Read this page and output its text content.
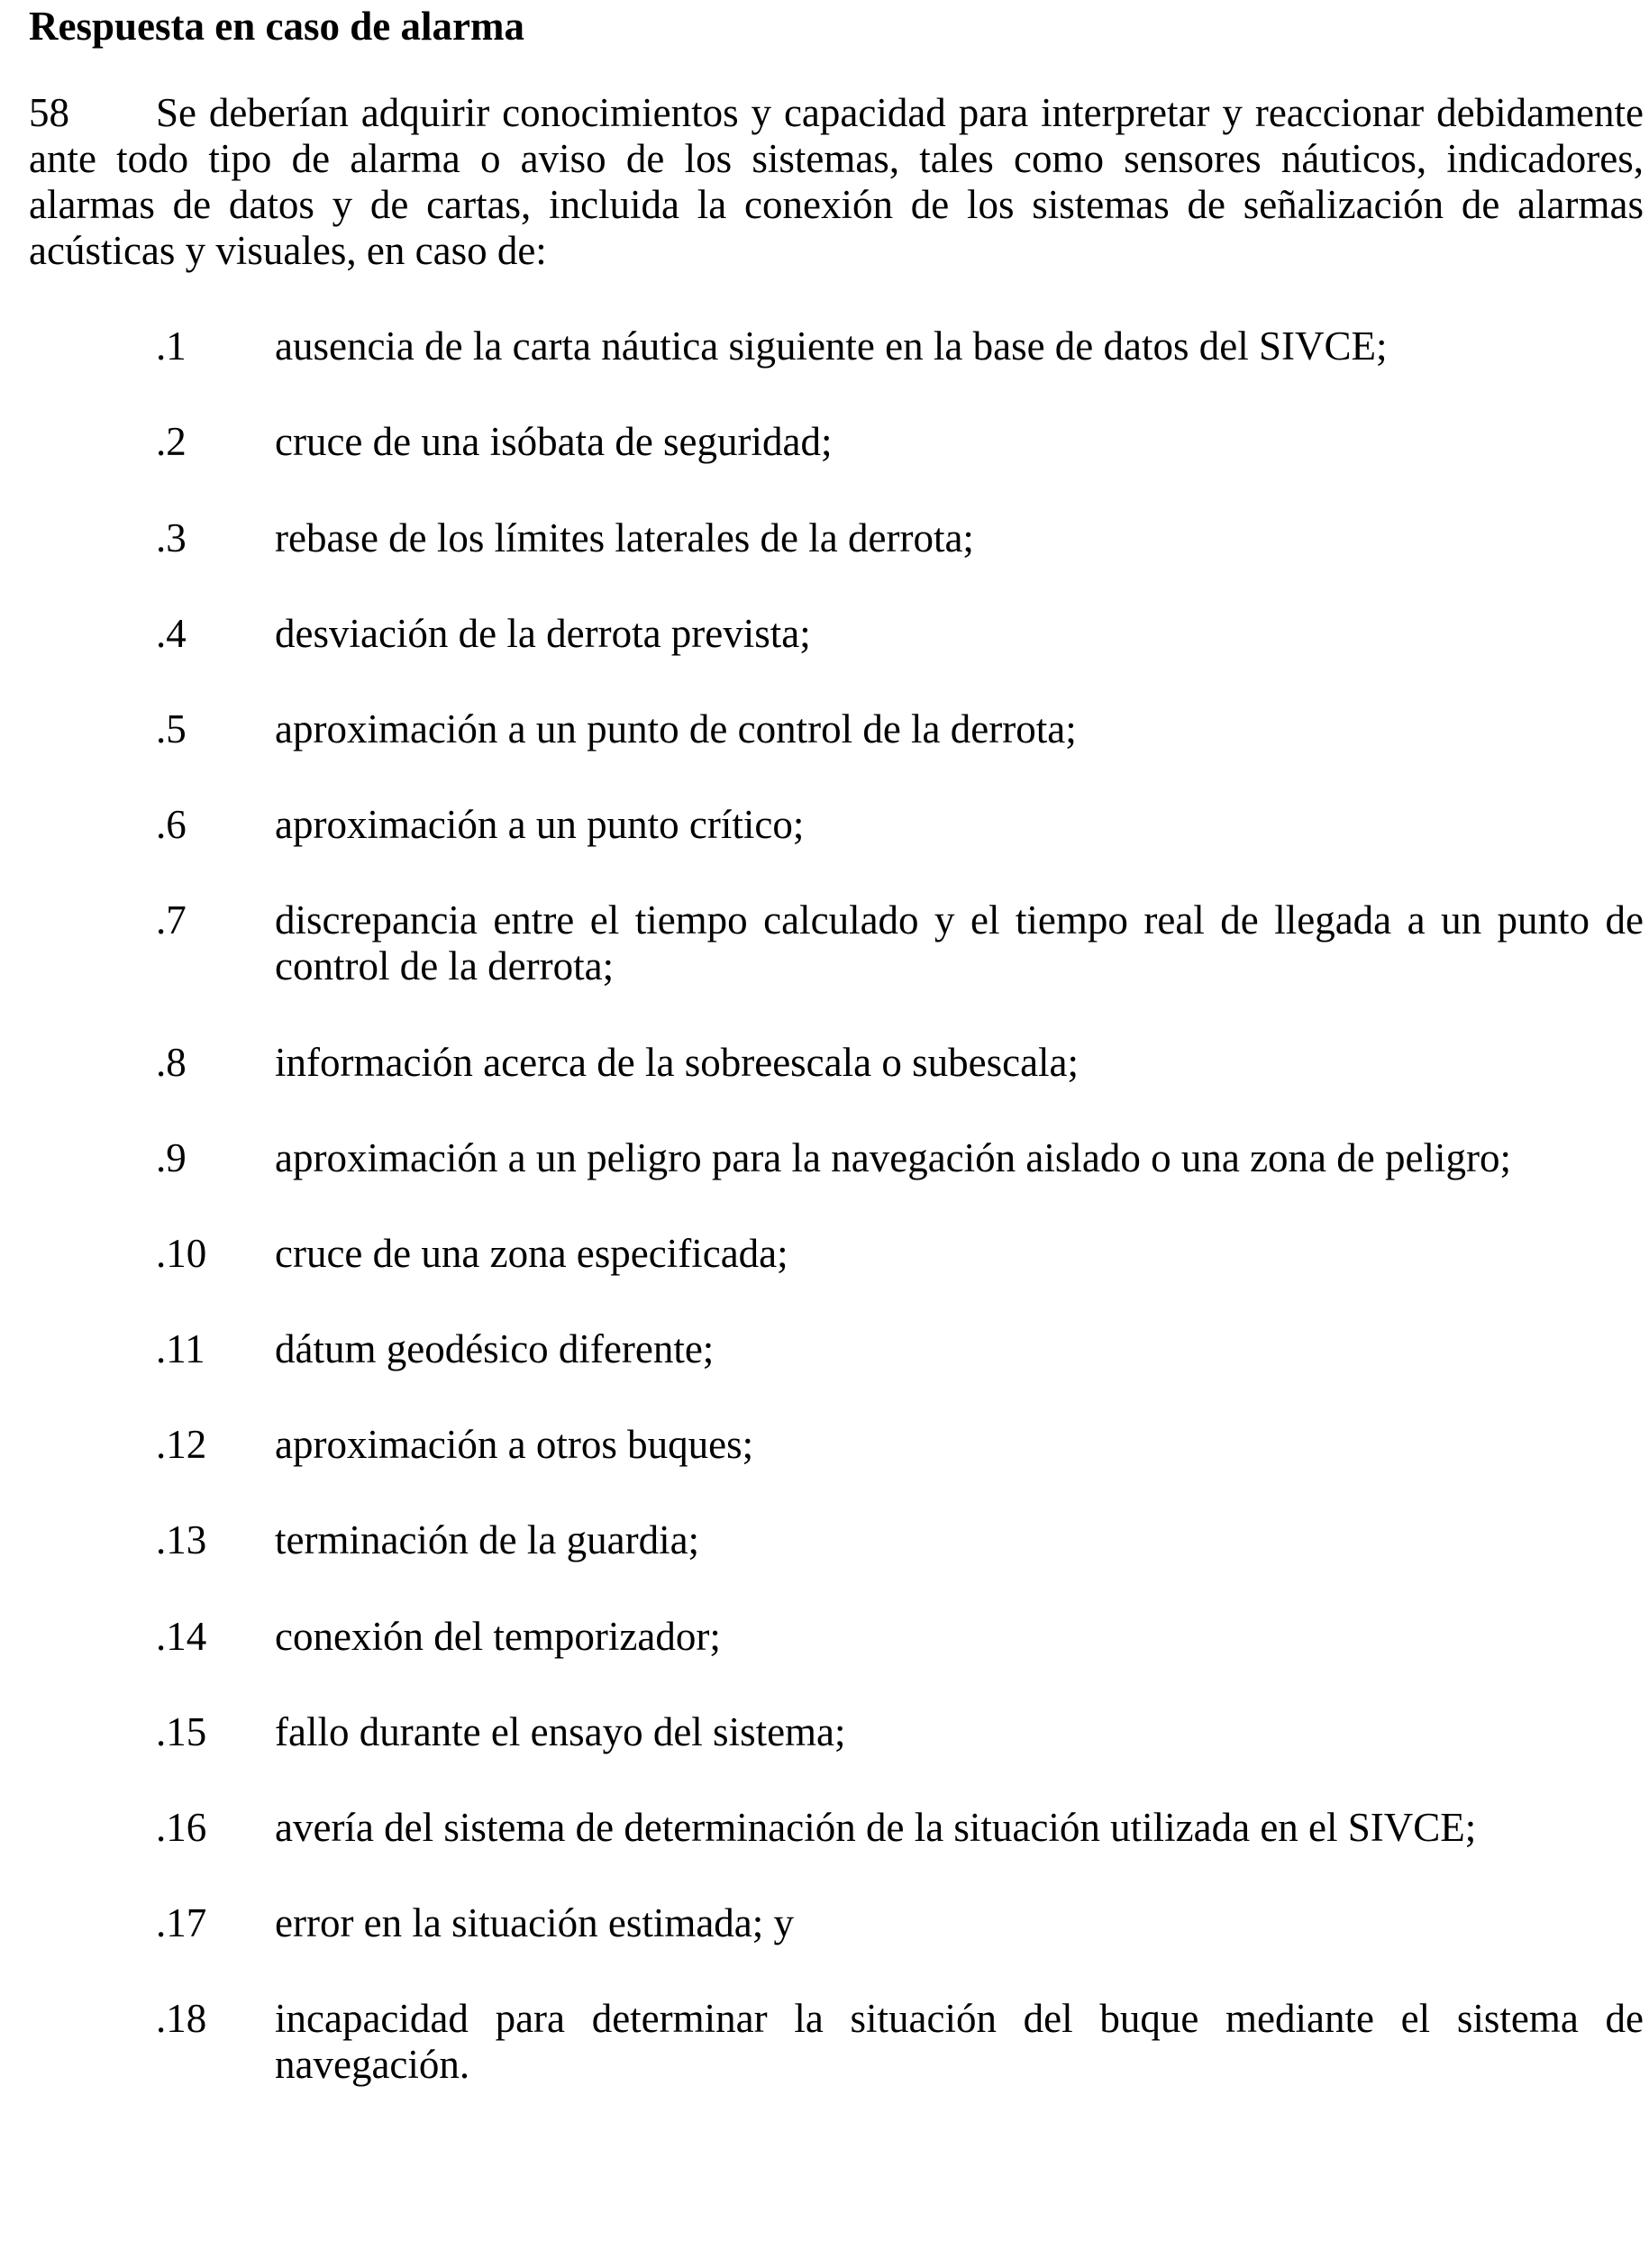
Respuesta en caso de alarma
58 Se deberían adquirir conocimientos y capacidad para interpretar y reaccionar debidamente
ante todo tipo de alarma o aviso de los sistemas, tales como sensores náuticos, indicadores,
alarmas de datos y de cartas, incluida la conexión de los sistemas de señalización de alarmas
acústicas y visuales, en caso de:
.1 ausencia de la carta náutica siguiente en la base de datos del SIVCE;
.2 cruce de una isóbata de seguridad;
.3 rebase de los límites laterales de la derrota;
.4 desviación de la derrota prevista;
.5 aproximación a un punto de control de la derrota;
.6 aproximación a un punto crítico;
.7 discrepancia entre el tiempo calculado y el tiempo real de llegada a un punto de
control de la derrota;
.8 información acerca de la sobreescala o subescala;
.9 aproximación a un peligro para la navegación aislado o una zona de peligro;
.10 cruce de una zona especificada;
.11 dátum geodésico diferente;
.12 aproximación a otros buques;
.13 terminación de la guardia;
.14 conexión del temporizador;
.15 fallo durante el ensayo del sistema;
.16 avería del sistema de determinación de la situación utilizada en el SIVCE;
.17 error en la situación estimada; y
.18 incapacidad para determinar la situación del buque mediante el sistema de
navegación.
